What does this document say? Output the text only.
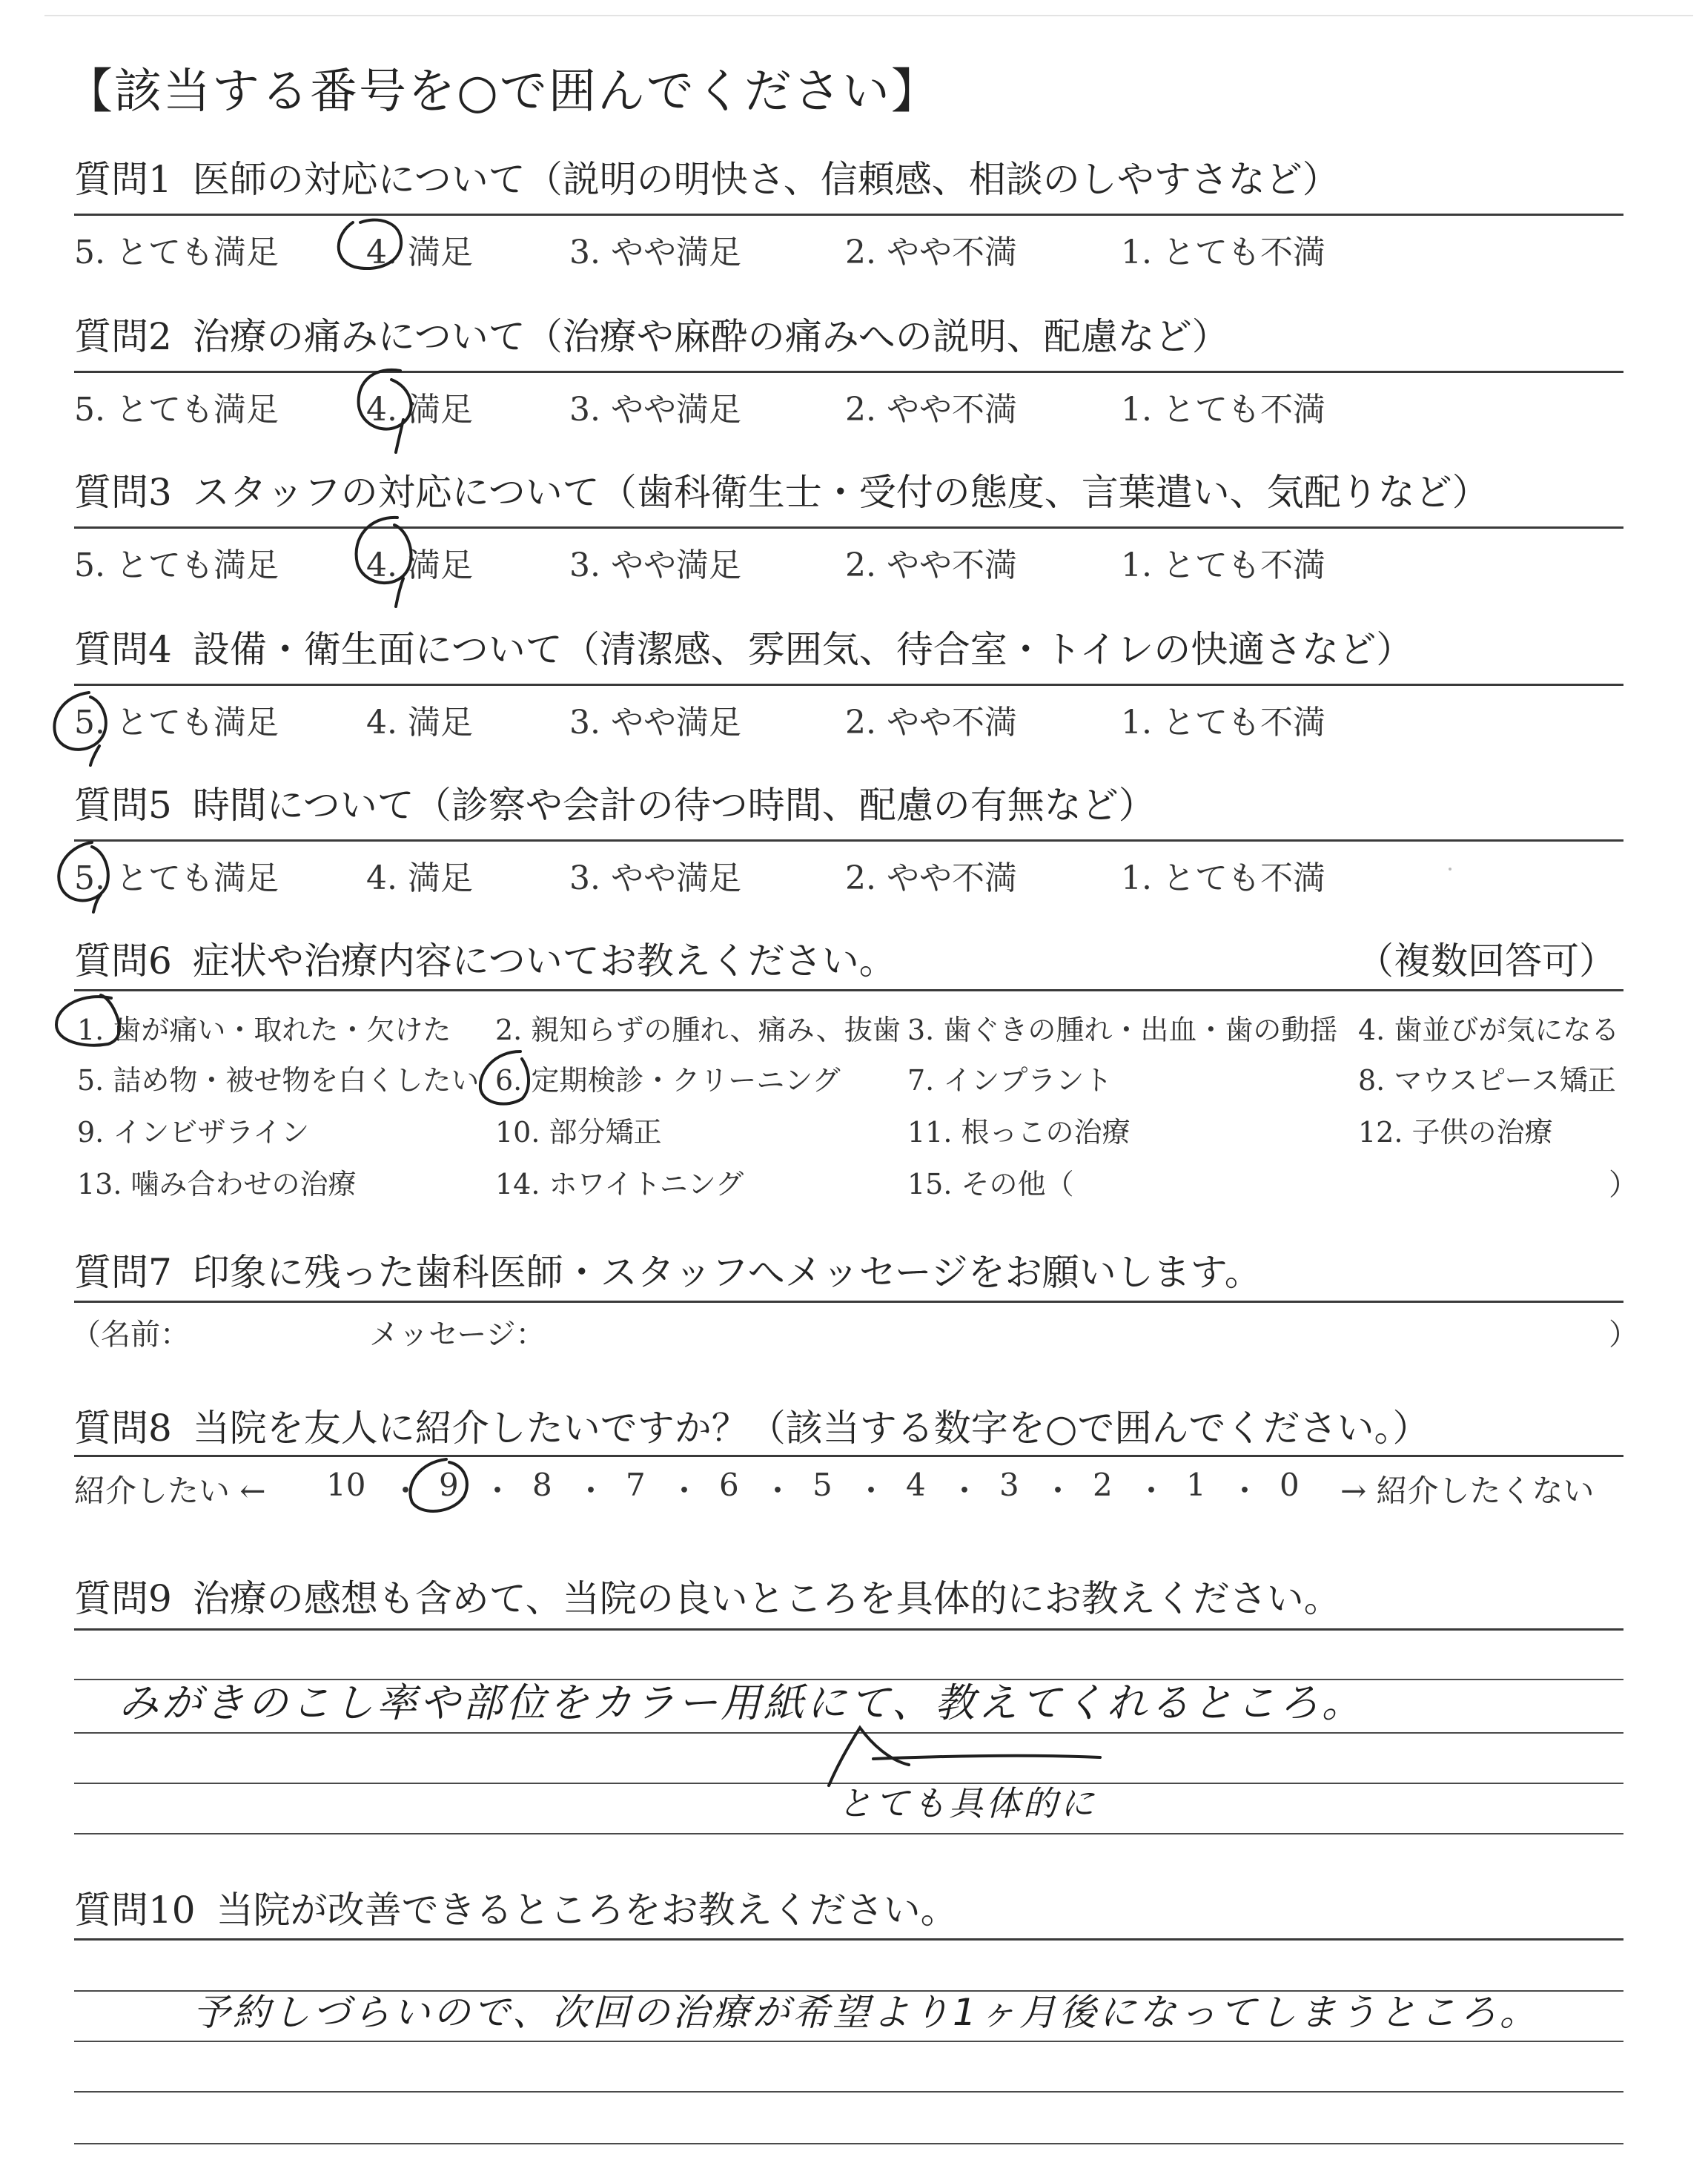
【該当する番号を○で囲んでください】
質問1 医師の対応について（説明の明快さ、信頼感、相談のしやすさなど）
5. とても満足	4. 満足	3. やや満足	2. やや不満	1. とても不満
質問2 治療の痛みについて（治療や麻酔の痛みへの説明、配慮など）
5. とても満足	4. 満足	3. やや満足	2. やや不満	1. とても不満
質問3 スタッフの対応について（歯科衛生士・受付の態度、言葉遣い、気配りなど）
5. とても満足	4. 満足	3. やや満足	2. やや不満	1. とても不満
質問4 設備・衛生面について（清潔感、雰囲気、待合室・トイレの快適さなど）
5. とても満足	4. 満足	3. やや満足	2. やや不満	1. とても不満
質問5 時間について（診察や会計の待つ時間、配慮の有無など）
5. とても満足	4. 満足	3. やや満足	2. やや不満	1. とても不満
質問6 症状や治療内容についてお教えください。	（複数回答可）
1. 歯が痛い・取れた・欠けた 2. 親知らずの腫れ、痛み、抜歯 3. 歯ぐきの腫れ・出血・歯の動揺 4. 歯並びが気になる
5. 詰め物・被せ物を白くしたい 6. 定期検診・クリーニング 7. インプラント	8. マウスピース矯正
9. インビザライン	10. 部分矯正	11. 根っこの治療	12. 子供の治療
13. 噛み合わせの治療	14. ホワイトニング	15. その他（	）
質問7 印象に残った歯科医師・スタッフへメッセージをお願いします。
（名前：	メッセージ：	）
質問8 当院を友人に紹介したいですか？（該当する数字を○で囲んでください。）
紹介したい ← 10 ・ 9 ・ 8 ・ 7 ・ 6 ・ 5 ・ 4 ・ 3 ・ 2 ・ 1 ・ 0 → 紹介したくない
質問9 治療の感想も含めて、当院の良いところを具体的にお教えください。
みがきのこし率や部位をカラー用紙にて、教えてくれるところ。
とても具体的に
質問10 当院が改善できるところをお教えください。
予約しづらいので、次回の治療が希望より1ヶ月後になってしまうところ。
